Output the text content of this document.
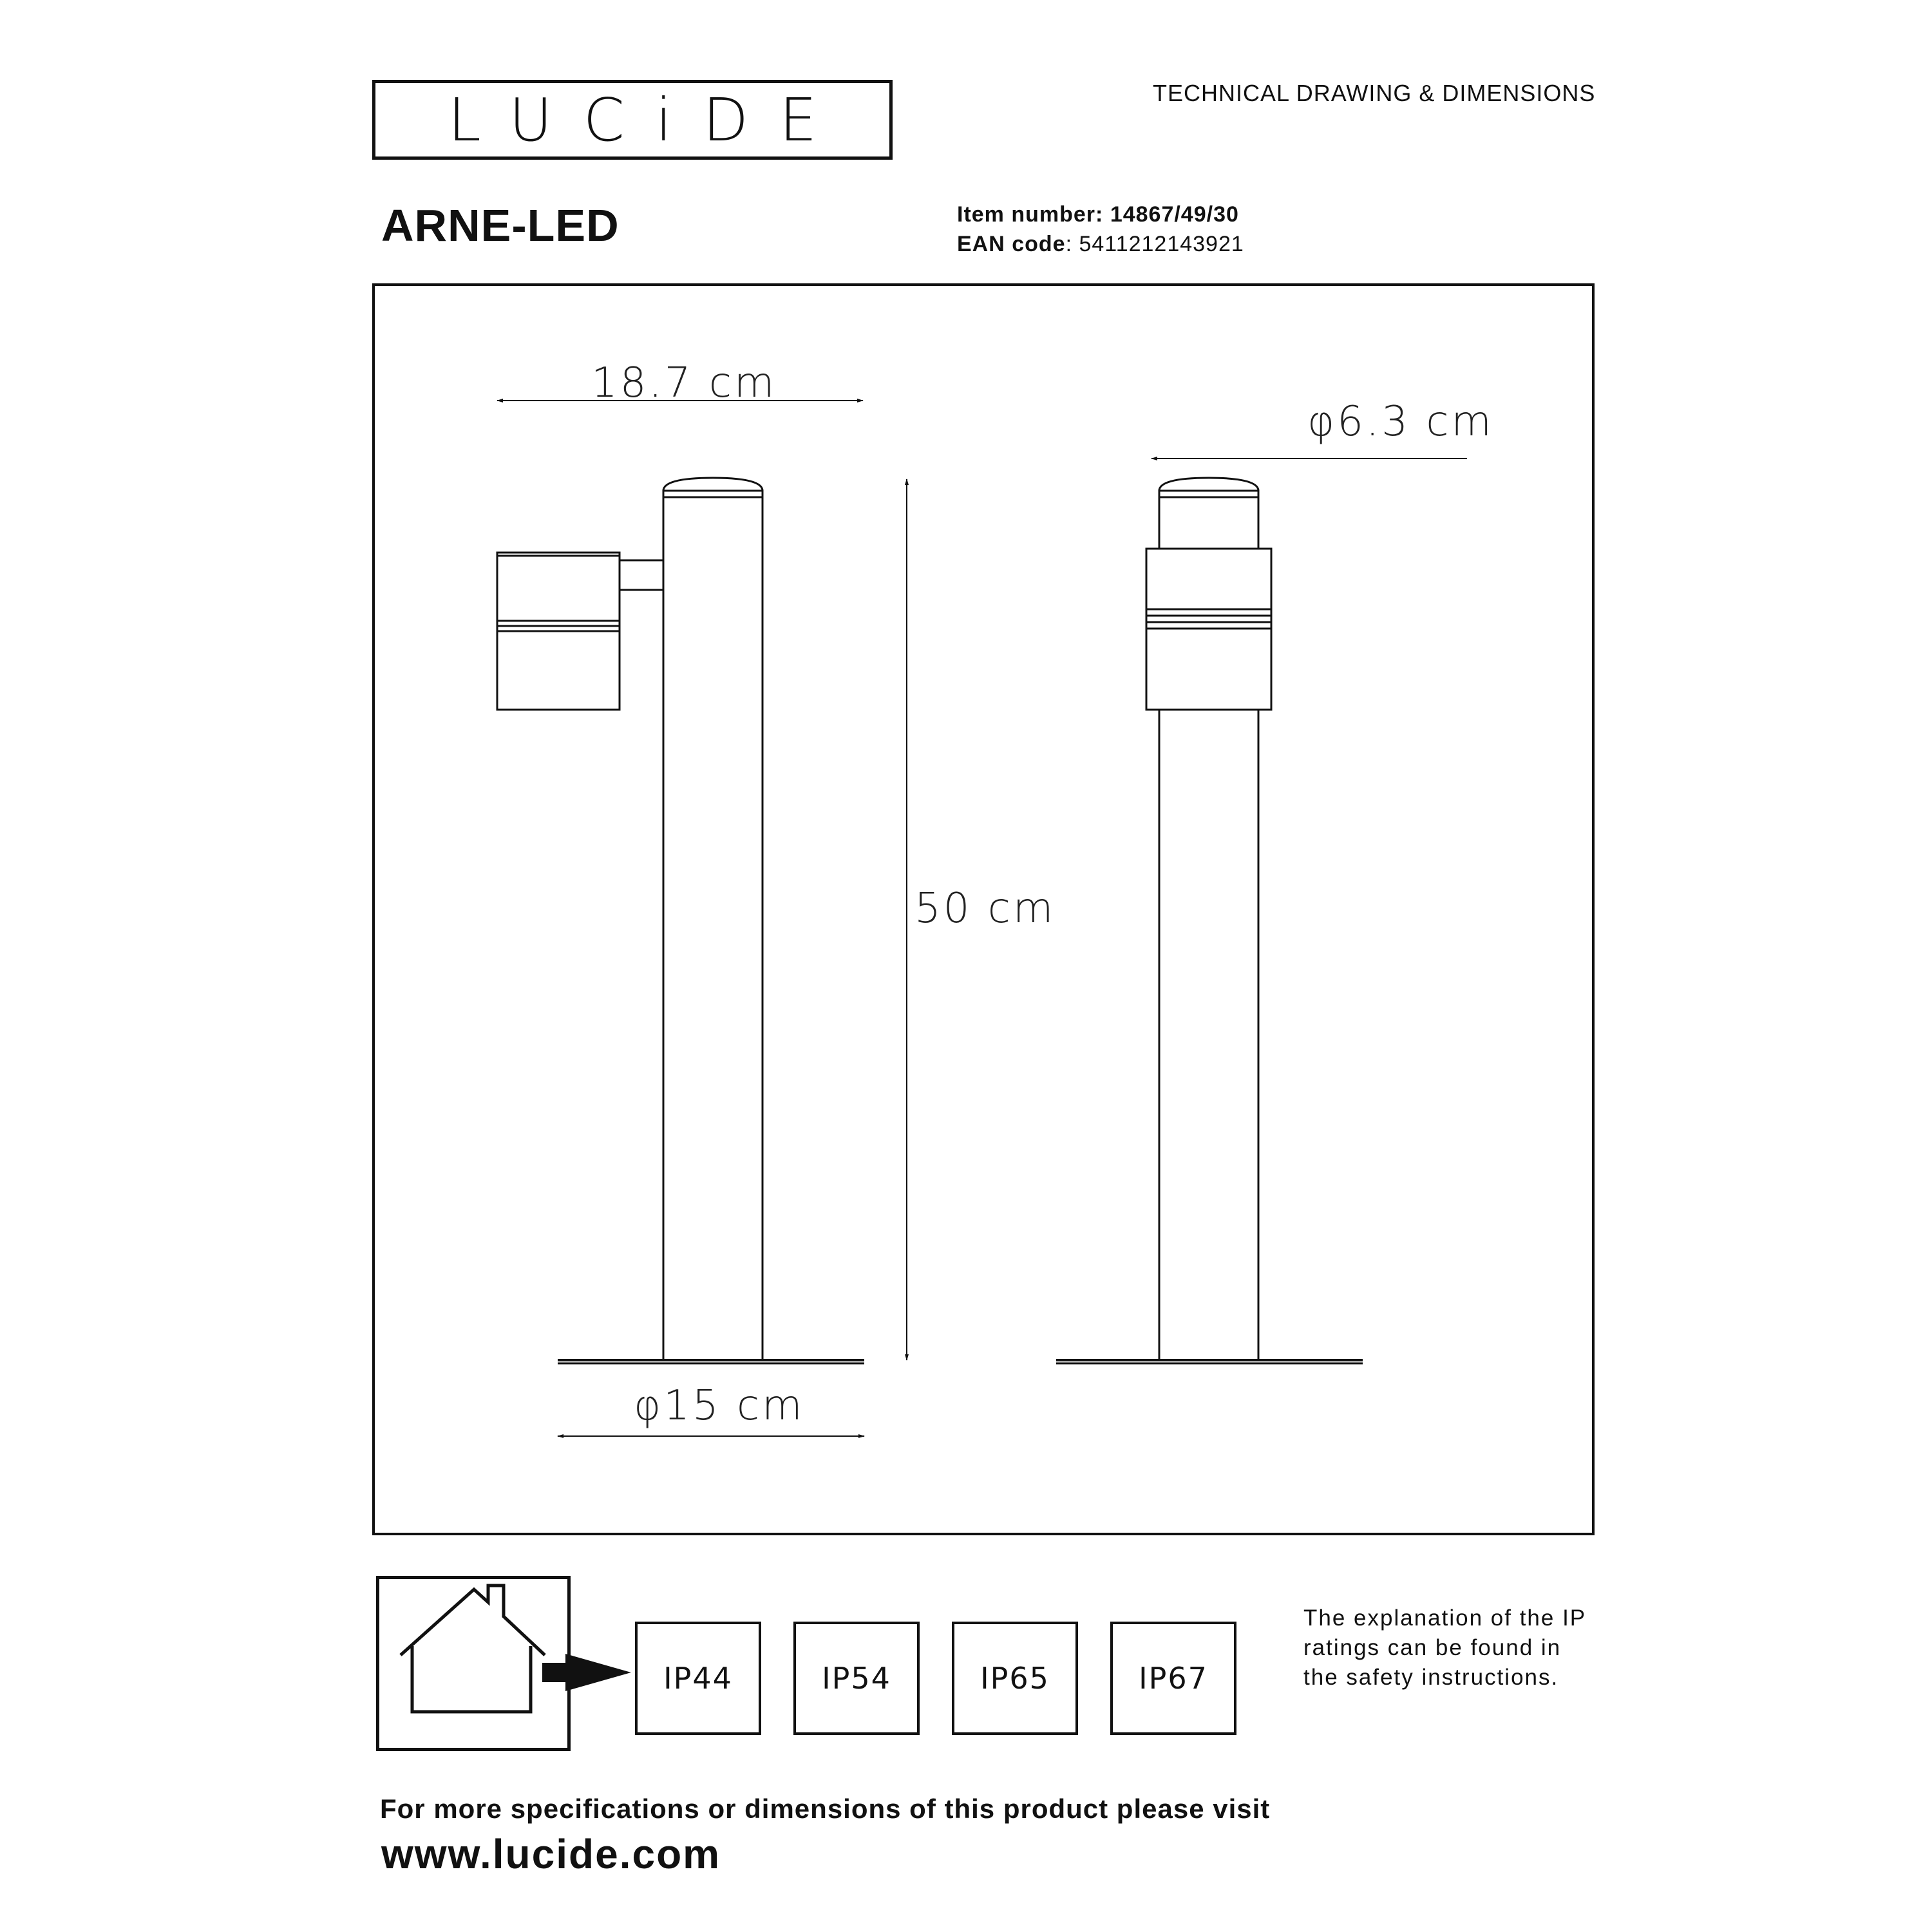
LUCiDE	TECHNICAL DRAWING & DIMENSIONS
ARNE-LED	Item number: 14867/49/30
EAN code: 5411212143921
18.7 cm
φ6.3 cm
50 cm
φ15 cm
IP44	IP54	IP65	IP67
The explanation of the IP ratings can be found in the safety instructions.
For more specifications or dimensions of this product please visit
www.lucide.com
